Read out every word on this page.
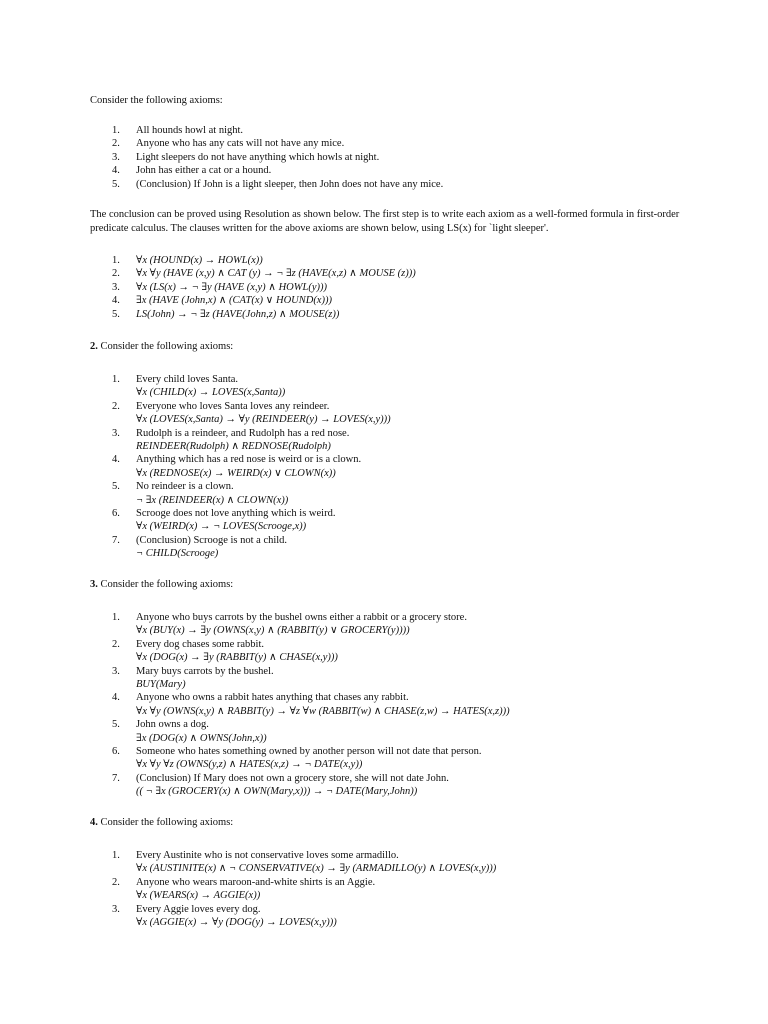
Consider the following axioms:
1.	All hounds howl at night.
2.	Anyone who has any cats will not have any mice.
3.	Light sleepers do not have anything which howls at night.
4.	John has either a cat or a hound.
5.	(Conclusion) If John is a light sleeper, then John does not have any mice.
The conclusion can be proved using Resolution as shown below. The first step is to write each axiom as a well-formed formula in first-order predicate calculus. The clauses written for the above axioms are shown below, using LS(x) for `light sleeper'.
1.	∀x (HOUND(x) → HOWL(x))
2.	∀x ∀y (HAVE (x,y) ∧ CAT (y) → ¬ ∃z (HAVE(x,z) ∧ MOUSE (z)))
3.	∀x (LS(x) → ¬ ∃y (HAVE (x,y) ∧ HOWL(y)))
4.	∃x (HAVE (John,x) ∧ (CAT(x) ∨ HOUND(x)))
5.	LS(John) → ¬ ∃z (HAVE(John,z) ∧ MOUSE(z))
2. Consider the following axioms:
1.	Every child loves Santa.
∀x (CHILD(x) → LOVES(x,Santa))
2.	Everyone who loves Santa loves any reindeer.
∀x (LOVES(x,Santa) → ∀y (REINDEER(y) → LOVES(x,y)))
3.	Rudolph is a reindeer, and Rudolph has a red nose.
REINDEER(Rudolph) ∧ REDNOSE(Rudolph)
4.	Anything which has a red nose is weird or is a clown.
∀x (REDNOSE(x) → WEIRD(x) ∨ CLOWN(x))
5.	No reindeer is a clown.
¬ ∃x (REINDEER(x) ∧ CLOWN(x))
6.	Scrooge does not love anything which is weird.
∀x (WEIRD(x) → ¬ LOVES(Scrooge,x))
7.	(Conclusion) Scrooge is not a child.
¬ CHILD(Scrooge)
3. Consider the following axioms:
1.	Anyone who buys carrots by the bushel owns either a rabbit or a grocery store.
∀x (BUY(x) → ∃y (OWNS(x,y) ∧ (RABBIT(y) ∨ GROCERY(y))))
2.	Every dog chases some rabbit.
∀x (DOG(x) → ∃y (RABBIT(y) ∧ CHASE(x,y)))
3.	Mary buys carrots by the bushel.
BUY(Mary)
4.	Anyone who owns a rabbit hates anything that chases any rabbit.
∀x ∀y (OWNS(x,y) ∧ RABBIT(y) → ∀z ∀w (RABBIT(w) ∧ CHASE(z,w) → HATES(x,z)))
5.	John owns a dog.
∃x (DOG(x) ∧ OWNS(John,x))
6.	Someone who hates something owned by another person will not date that person.
∀x ∀y ∀z (OWNS(y,z) ∧ HATES(x,z) → ¬ DATE(x,y))
7.	(Conclusion) If Mary does not own a grocery store, she will not date John.
(( ¬ ∃x (GROCERY(x) ∧ OWN(Mary,x))) → ¬ DATE(Mary,John))
4. Consider the following axioms:
1.	Every Austinite who is not conservative loves some armadillo.
∀x (AUSTINITE(x) ∧ ¬ CONSERVATIVE(x) → ∃y (ARMADILLO(y) ∧ LOVES(x,y)))
2.	Anyone who wears maroon-and-white shirts is an Aggie.
∀x (WEARS(x) → AGGIE(x))
3.	Every Aggie loves every dog.
∀x (AGGIE(x) → ∀y (DOG(y) → LOVES(x,y)))
